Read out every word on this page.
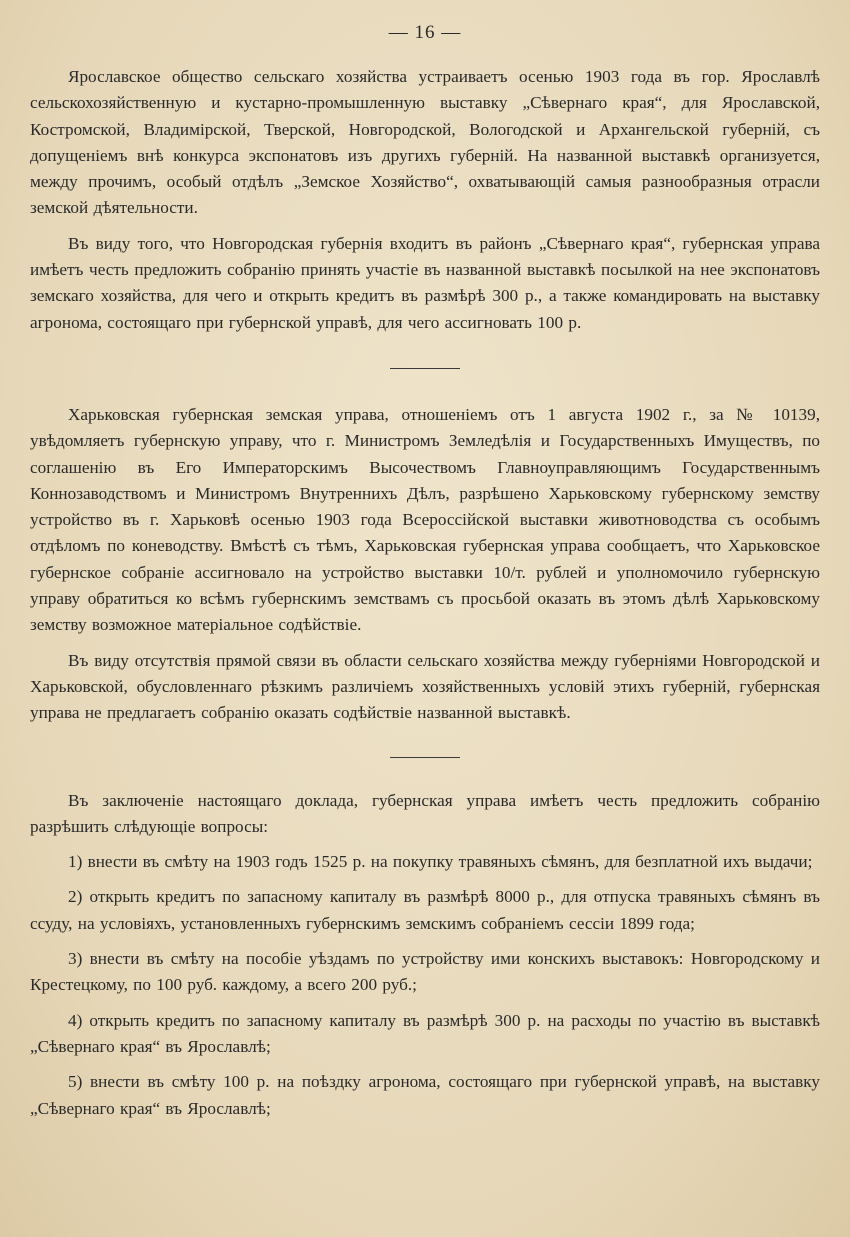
— 16 —

Ярославское общество сельскаго хозяйства устраиваетъ осенью 1903 года въ гор. Ярославлѣ сельскохозяйственную и кустарно-промышленную выставку „Сѣвернаго края“, для Ярославской, Костромской, Владимірской, Тверской, Новгородской, Вологодской и Архангельской губерній, съ допущеніемъ внѣ конкурса экспонатовъ изъ другихъ губерній. На названной выставкѣ организуется, между прочимъ, особый отдѣлъ „Земское Хозяйство“, охватывающій самыя разнообразныя отрасли земской дѣятельности.

Въ виду того, что Новгородская губернія входитъ въ районъ „Сѣвернаго края“, губернская управа имѣетъ честь предложить собранію принять участіе въ названной выставкѣ посылкой на нее экспонатовъ земскаго хозяйства, для чего и открыть кредитъ въ размѣрѣ 300 р., а также командировать на выставку агронома, состоящаго при губернской управѣ, для чего ассигновать 100 р.

Харьковская губернская земская управа, отношеніемъ отъ 1 августа 1902 г., за № 10139, увѣдомляетъ губернскую управу, что г. Министромъ Земледѣлія и Государственныхъ Имуществъ, по соглашенію въ Его Императорскимъ Высочествомъ Главноуправляющимъ Государственнымъ Коннозаводствомъ и Министромъ Внутреннихъ Дѣлъ, разрѣшено Харьковскому губернскому земству устройство въ г. Харьковѣ осенью 1903 года Всероссійской выставки животноводства съ особымъ отдѣломъ по коневодству. Вмѣстѣ съ тѣмъ, Харьковская губернская управа сообщаетъ, что Харьковское губернское собраніе ассигновало на устройство выставки 10/т. рублей и уполномочило губернскую управу обратиться ко всѣмъ губернскимъ земствамъ съ просьбой оказать въ этомъ дѣлѣ Харьковскому земству возможное матеріальное содѣйствіе.

Въ виду отсутствія прямой связи въ области сельскаго хозяйства между губерніями Новгородской и Харьковской, обусловленнаго рѣзкимъ различіемъ хозяйственныхъ условій этихъ губерній, губернская управа не предлагаетъ собранію оказать содѣйствіе названной выставкѣ.

Въ заключеніе настоящаго доклада, губернская управа имѣетъ честь предложить собранію разрѣшить слѣдующіе вопросы:

1) внести въ смѣту на 1903 годъ 1525 р. на покупку травяныхъ сѣмянъ, для безплатной ихъ выдачи;

2) открыть кредитъ по запасному капиталу въ размѣрѣ 8000 р., для отпуска травяныхъ сѣмянъ въ ссуду, на условіяхъ, установленныхъ губернскимъ земскимъ собраніемъ сессіи 1899 года;

3) внести въ смѣту на пособіе уѣздамъ по устройству ими конскихъ выставокъ: Новгородскому и Крестецкому, по 100 руб. каждому, а всего 200 руб.;

4) открыть кредитъ по запасному капиталу въ размѣрѣ 300 р. на расходы по участію въ выставкѣ „Сѣвернаго края“ въ Ярославлѣ;

5) внести въ смѣту 100 р. на поѣздку агронома, состоящаго при губернской управѣ, на выставку „Сѣвернаго края“ въ Ярославлѣ;
